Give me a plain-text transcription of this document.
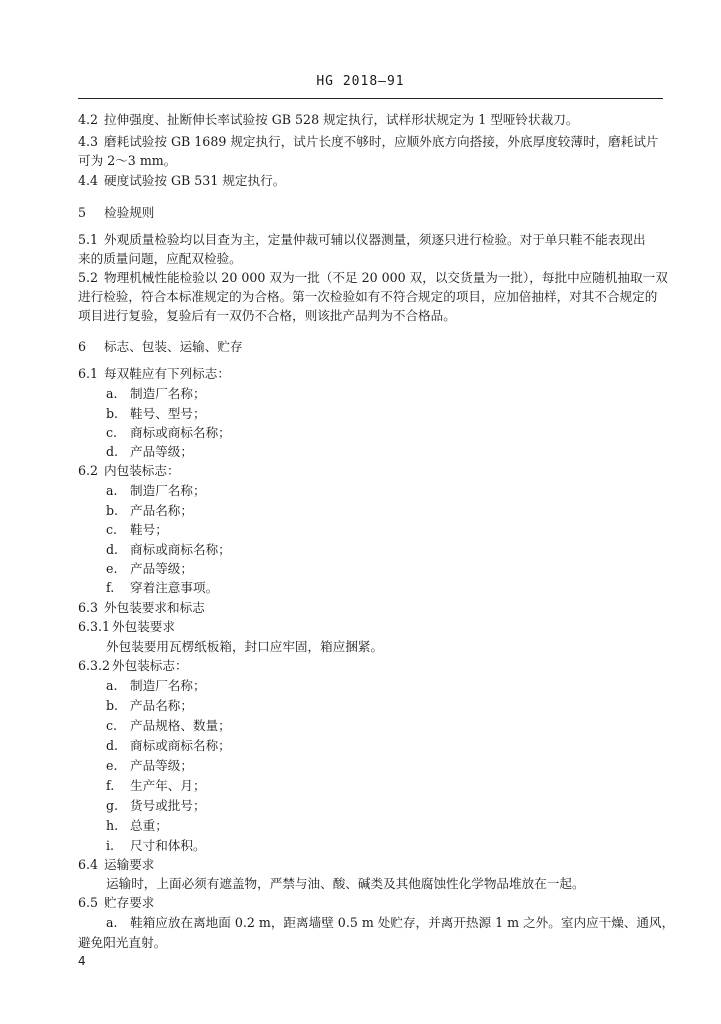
HG 2018—91
4.2 拉伸强度、扯断伸长率试验按 GB 528 规定执行，试样形状规定为 1 型哑铃状裁刀。
4.3 磨耗试验按 GB 1689 规定执行，试片长度不够时，应顺外底方向搭接，外底厚度较薄时，磨耗试片
可为 2～3 mm。
4.4 硬度试验按 GB 531 规定执行。
5 检验规则
5.1 外观质量检验均以目查为主，定量仲裁可辅以仪器测量，须逐只进行检验。对于单只鞋不能表现出
来的质量问题，应配双检验。
5.2 物理机械性能检验以 20 000 双为一批（不足 20 000 双，以交货量为一批），每批中应随机抽取一双
进行检验，符合本标准规定的为合格。第一次检验如有不符合规定的项目，应加倍抽样，对其不合规定的
项目进行复验，复验后有一双仍不合格，则该批产品判为不合格品。
6 标志、包装、运输、贮存
6.1 每双鞋应有下列标志：
a. 制造厂名称；
b. 鞋号、型号；
c. 商标或商标名称；
d. 产品等级；
6.2 内包装标志：
a. 制造厂名称；
b. 产品名称；
c. 鞋号；
d. 商标或商标名称；
e. 产品等级；
f. 穿着注意事项。
6.3 外包装要求和标志
6.3.1 外包装要求
外包装要用瓦楞纸板箱，封口应牢固，箱应捆紧。
6.3.2 外包装标志：
a. 制造厂名称；
b. 产品名称；
c. 产品规格、数量；
d. 商标或商标名称；
e. 产品等级；
f. 生产年、月；
g. 货号或批号；
h. 总重；
i. 尺寸和体积。
6.4 运输要求
运输时，上面必须有遮盖物，严禁与油、酸、碱类及其他腐蚀性化学物品堆放在一起。
6.5 贮存要求
a.　鞋箱应放在离地面 0.2 m，距离墙壁 0.5 m 处贮存，并离开热源 1 m 之外。室内应干燥、通风，
避免阳光直射。
4
